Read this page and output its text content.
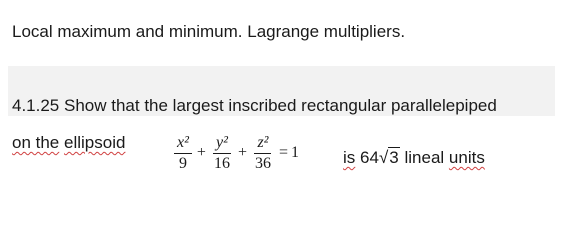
Local maximum and minimum. Lagrange multipliers.
4.1.25 Show that the largest inscribed rectangular parallelepiped
on the ellipsoid	$\frac{\text{x²}}{9} + \frac{\text{y²}}{16} + \frac{\text{z²}}{36} = 1$	is 64√3 lineal units
